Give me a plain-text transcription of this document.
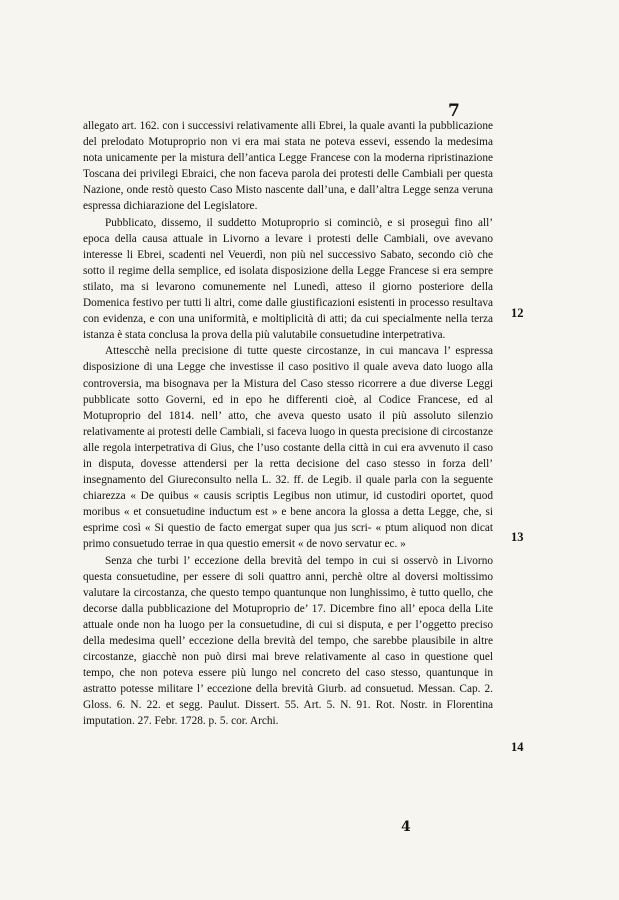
7

allegato art. 162. con i successivi relativamente alli Ebrei, la quale avanti la pubblicazione del prelodato Motuproprio non vi era mai stata ne poteva essevi, essendo la medesima nota unicamente per la mistura dell’antica Legge Francese con la moderna ripristinazione Toscana dei privilegi Ebraici, che non faceva parola dei protesti delle Cambiali per questa Nazione, onde restò questo Caso Misto nascente dall’una, e dall’altra Legge senza veruna espressa dichiarazione del Legislatore.

Pubblicato, dissemo, il suddetto Motuproprio si cominciò, e si proseguì fino all’ epoca della causa attuale in Livorno a levare i protesti delle Cambiali, ove avevano interesse li Ebrei, scadenti nel Veuerdì, non più nel successivo Sabato, secondo ciò che sotto il regime della semplice, ed isolata disposizione della Legge Francese si era sempre stilato, ma si levarono comunemente nel Lunedì, atteso il giorno posteriore della Domenica festivo per tutti li altri, come dalle giustificazioni esistenti in processo resultava con evidenza, e con una uniformità, e moltiplicità di atti; da cui specialmente nella terza istanza è stata conclusa la prova della più valutabile consuetudine interpetrativa.

Attescchè nella precisione di tutte queste circostanze, in cui mancava l’ espressa disposizione di una Legge che investisse il caso positivo il quale aveva dato luogo alla controversia, ma bisognava per la Mistura del Caso stesso ricorrere a due diverse Leggi pubblicate sotto Governi, ed in epo he differenti cioè, al Codice Francese, ed al Motuproprio del 1814. nell’ atto, che aveva questo usato il più assoluto silenzio relativamente ai protesti delle Cambiali, si faceva luogo in questa precisione di circostanze alle regola interpetrativa di Gius, che l’uso costante della città in cui era avvenuto il caso in disputa, dovesse attendersi per la retta decisione del caso stesso in forza dell’ insegnamento del Giureconsulto nella L. 32. ff. de Legib. il quale parla con la seguente chiarezza « De quibus « causis scriptis Legibus non utimur, id custodiri oportet, quod moribus « et consuetudine inductum est » e bene ancora la glossa a detta Legge, che, si esprime così « Si questio de facto emergat super qua jus scri- « ptum aliquod non dicat primo consuetudo terrae in qua questio emersit « de novo servatur ec. »

Senza che turbi l’ eccezione della brevità del tempo in cui si osservò in Livorno questa consuetudine, per essere di soli quattro anni, perchè oltre al doversi moltissimo valutare la circostanza, che questo tempo quantunque non lunghissimo, è tutto quello, che decorse dalla pubblicazione del Motuproprio de’ 17. Dicembre fino all’ epoca della Lite attuale onde non ha luogo per la consuetudine, di cui si disputa, e per l’oggetto preciso della medesima quell’ eccezione della brevità del tempo, che sarebbe plausibile in altre circostanze, giacchè non può dirsi mai breve relativamente al caso in questione quel tempo, che non poteva essere più lungo nel concreto del caso stesso, quantunque in astratto potesse militare l’ eccezione della brevità Giurb. ad consuetud. Messan. Cap. 2. Gloss. 6. N. 22. et segg. Paulut. Dissert. 55. Art. 5. N. 91. Rot. Nostr. in Florentina imputation. 27. Febr. 1728. p. 5. cor. Archi.

12
13
14
4
